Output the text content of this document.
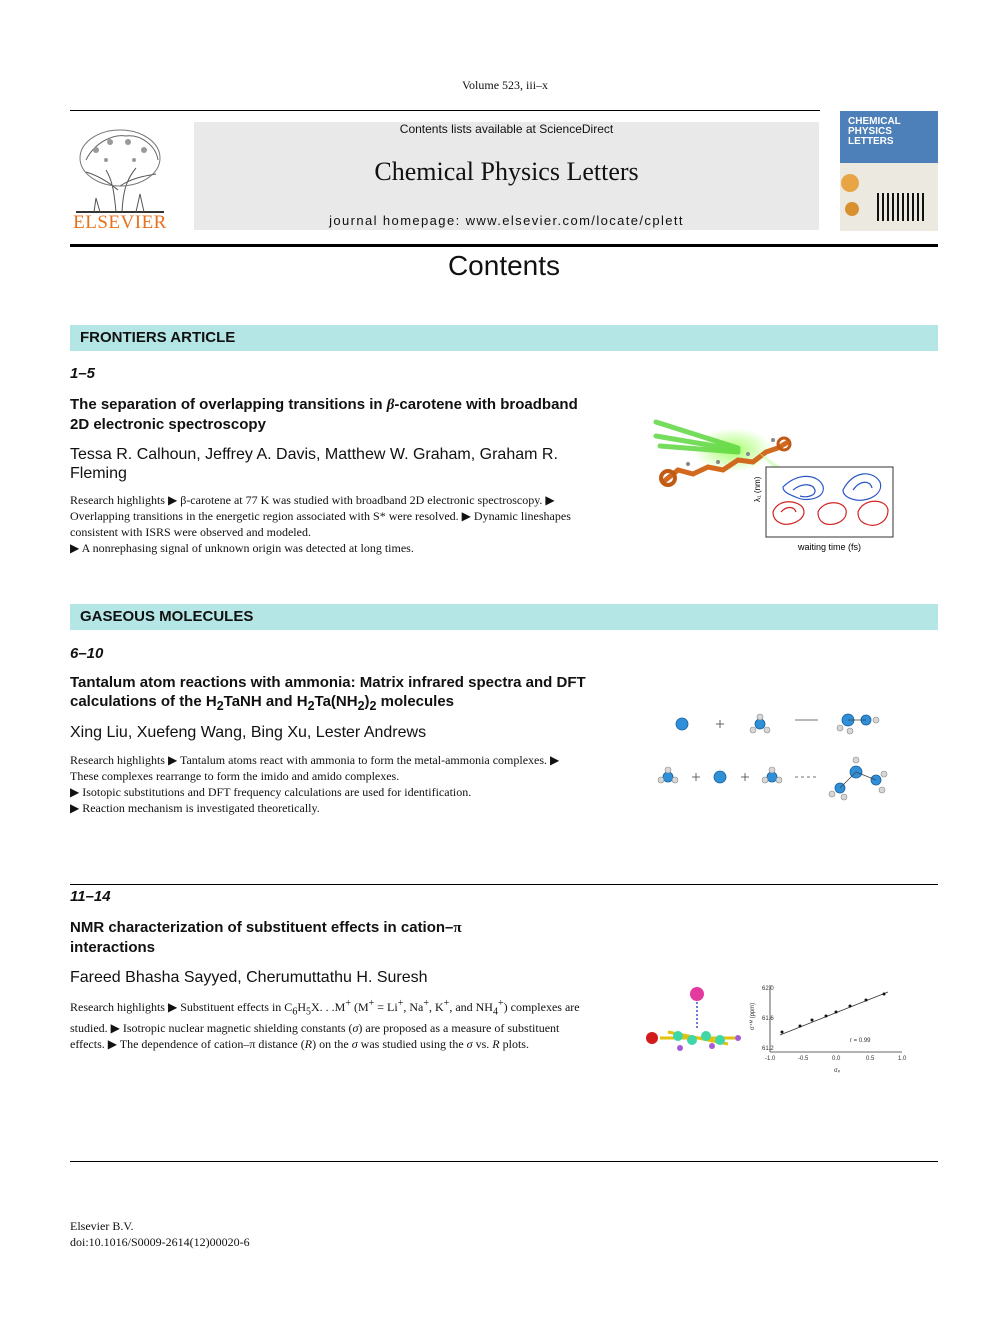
Volume 523, iii–x
ELSEVIER
Contents lists available at ScienceDirect
Chemical Physics Letters
journal homepage: www.elsevier.com/locate/cplett
CHEMICAL PHYSICS LETTERS
Contents
FRONTIERS ARTICLE
1–5
The separation of overlapping transitions in β-carotene with broadband 2D electronic spectroscopy
Tessa R. Calhoun, Jeffrey A. Davis, Matthew W. Graham, Graham R. Fleming
Research highlights ▶ β-carotene at 77 K was studied with broadband 2D electronic spectroscopy. ▶ Overlapping transitions in the energetic region associated with S* were resolved. ▶ Dynamic lineshapes consistent with ISRS were observed and modeled.
▶ A nonrephasing signal of unknown origin was detected at long times.
λ₁ (nm)
waiting time (fs)
GASEOUS MOLECULES
6–10
Tantalum atom reactions with ammonia: Matrix infrared spectra and DFT calculations of the $H_2TaNH$ and $H_2Ta(NH_2)_2$ molecules
Xing Liu, Xuefeng Wang, Bing Xu, Lester Andrews
Research highlights ▶ Tantalum atoms react with ammonia to form the metal-ammonia complexes. ▶ These complexes rearrange to form the imido and amido complexes.
▶ Isotopic substitutions and DFT frequency calculations are used for identification.
▶ Reaction mechanism is investigated theoretically.
11–14
NMR characterization of substituent effects in cation–π
interactions
Fareed Bhasha Sayyed, Cherumuttathu H. Suresh
Research highlights ▶ Substituent effects in $C_6H_5X$. . .M+ (M+ = Li+, Na+, K+, and $NH_4^+$) complexes are studied. ▶ Isotropic nuclear magnetic shielding constants (σ) are proposed as a measure of substituent effects. ▶ The dependence of cation–π distance (R) on the σ was studied using the σ vs. R plots.
62.0
61.6
61.2
-1.0	-0.5	0.0	0.5	1.0
σ⁺ᴹ (ppm)
σₚ
r = 0.99
Elsevier B.V.
doi:10.1016/S0009-2614(12)00020-6
